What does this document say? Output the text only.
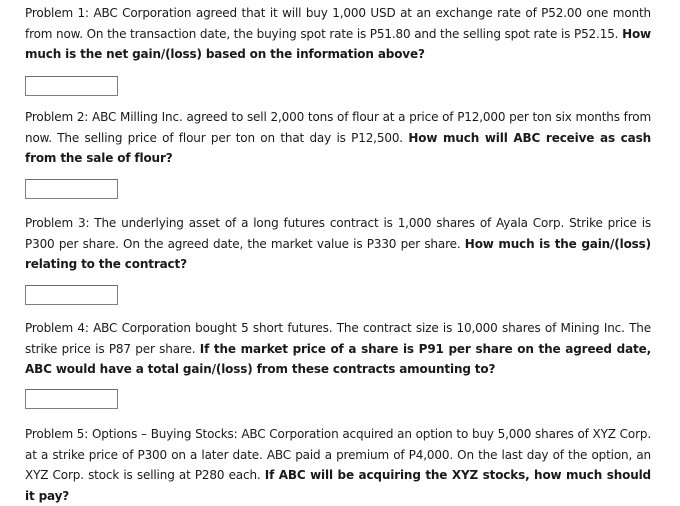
Problem 1: ABC Corporation agreed that it will buy 1,000 USD at an exchange rate of P52.00 one month from now. On the transaction date, the buying spot rate is P51.80 and the selling spot rate is P52.15. How much is the net gain/(loss) based on the information above?
Problem 2: ABC Milling Inc. agreed to sell 2,000 tons of flour at a price of P12,000 per ton six months from now. The selling price of flour per ton on that day is P12,500. How much will ABC receive as cash from the sale of flour?
Problem 3: The underlying asset of a long futures contract is 1,000 shares of Ayala Corp. Strike price is P300 per share. On the agreed date, the market value is P330 per share. How much is the gain/(loss) relating to the contract?
Problem 4: ABC Corporation bought 5 short futures. The contract size is 10,000 shares of Mining Inc. The strike price is P87 per share. If the market price of a share is P91 per share on the agreed date, ABC would have a total gain/(loss) from these contracts amounting to?
Problem 5: Options – Buying Stocks: ABC Corporation acquired an option to buy 5,000 shares of XYZ Corp. at a strike price of P300 on a later date. ABC paid a premium of P4,000. On the last day of the option, an XYZ Corp. stock is selling at P280 each. If ABC will be acquiring the XYZ stocks, how much should it pay?
